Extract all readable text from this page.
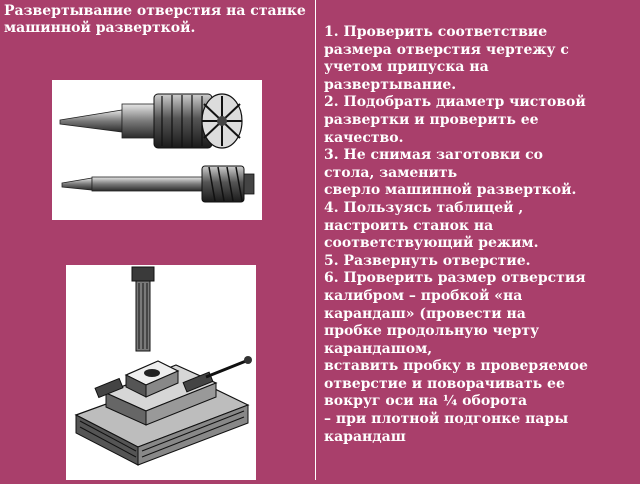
Развертывание отверстия на станке машинной разверткой.	1. Проверить соответствие
размера отверстия чертежу с
учетом припуска на
развертывание.
2. Подобрать диаметр чистовой
развертки и проверить ее
качество.
3. Не снимая заготовки со
стола, заменить
сверло машинной разверткой.
4. Пользуясь таблицей ,
настроить станок на
соответствующий режим.
5. Развернуть отверстие.
6. Проверить размер отверстия
калибром – пробкой «на
карандаш» (провести на
пробке продольную черту
карандашом,
вставить пробку в проверяемое
отверстие и поворачивать ее
вокруг оси на ¼ оборота
– при плотной подгонке пары
карандаш
